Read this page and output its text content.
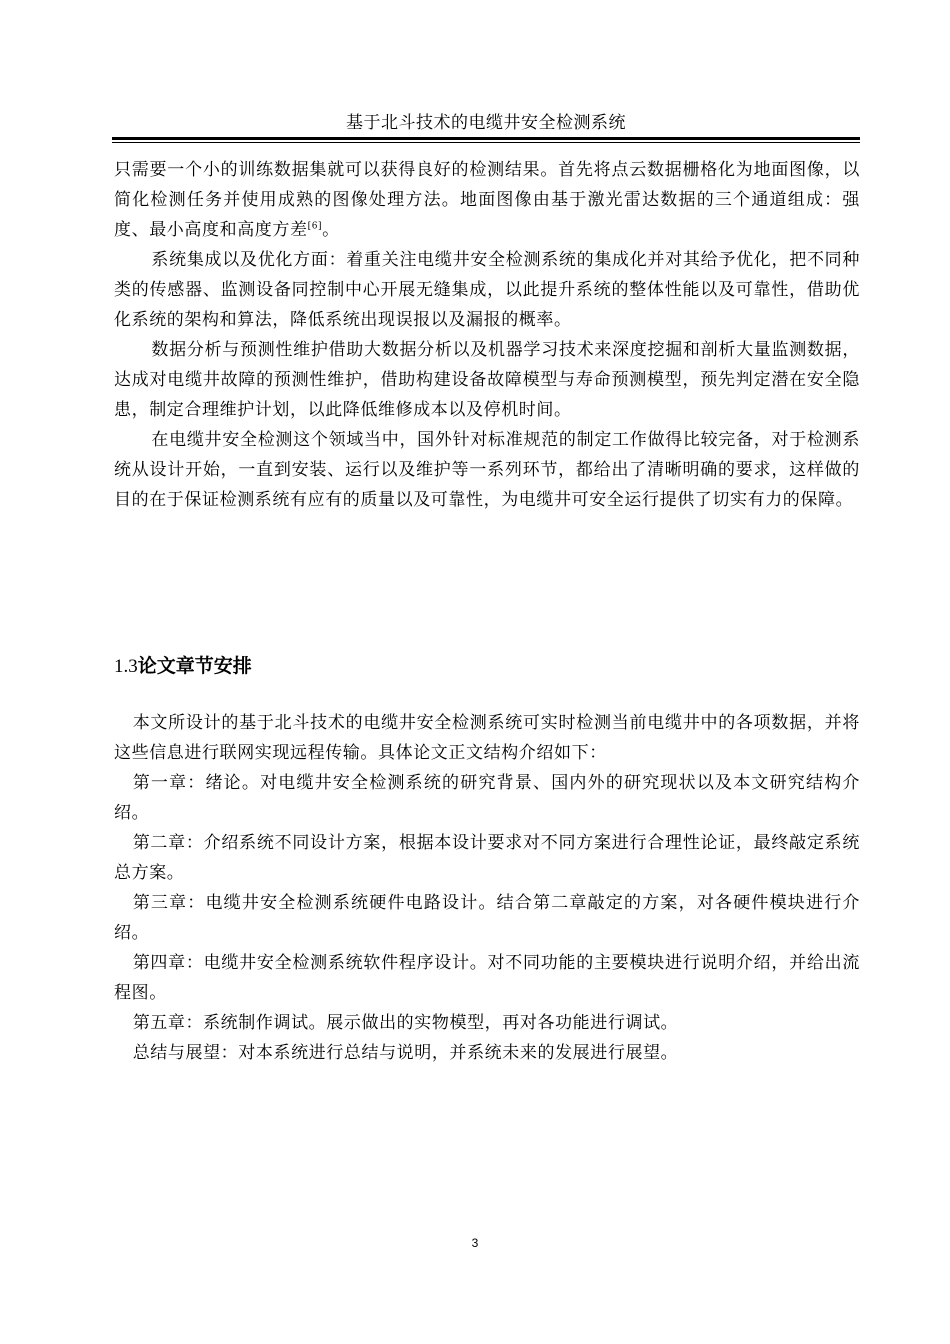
基于北斗技术的电缆井安全检测系统

只需要一个小的训练数据集就可以获得良好的检测结果。首先将点云数据栅格化为地面图像，以简化检测任务并使用成熟的图像处理方法。地面图像由基于激光雷达数据的三个通道组成：强度、最小高度和高度方差[6]。

系统集成以及优化方面：着重关注电缆井安全检测系统的集成化并对其给予优化，把不同种类的传感器、监测设备同控制中心开展无缝集成，以此提升系统的整体性能以及可靠性，借助优化系统的架构和算法，降低系统出现误报以及漏报的概率。

数据分析与预测性维护借助大数据分析以及机器学习技术来深度挖掘和剖析大量监测数据，达成对电缆井故障的预测性维护，借助构建设备故障模型与寿命预测模型，预先判定潜在安全隐患，制定合理维护计划，以此降低维修成本以及停机时间。

在电缆井安全检测这个领域当中，国外针对标准规范的制定工作做得比较完备，对于检测系统从设计开始，一直到安装、运行以及维护等一系列环节，都给出了清晰明确的要求，这样做的目的在于保证检测系统有应有的质量以及可靠性，为电缆井可安全运行提供了切实有力的保障。

1.3论文章节安排

本文所设计的基于北斗技术的电缆井安全检测系统可实时检测当前电缆井中的各项数据，并将这些信息进行联网实现远程传输。具体论文正文结构介绍如下：

第一章：绪论。对电缆井安全检测系统的研究背景、国内外的研究现状以及本文研究结构介绍。

第二章：介绍系统不同设计方案，根据本设计要求对不同方案进行合理性论证，最终敲定系统总方案。

第三章：电缆井安全检测系统硬件电路设计。结合第二章敲定的方案，对各硬件模块进行介绍。

第四章：电缆井安全检测系统软件程序设计。对不同功能的主要模块进行说明介绍，并给出流程图。

第五章：系统制作调试。展示做出的实物模型，再对各功能进行调试。

总结与展望：对本系统进行总结与说明，并系统未来的发展进行展望。

3
